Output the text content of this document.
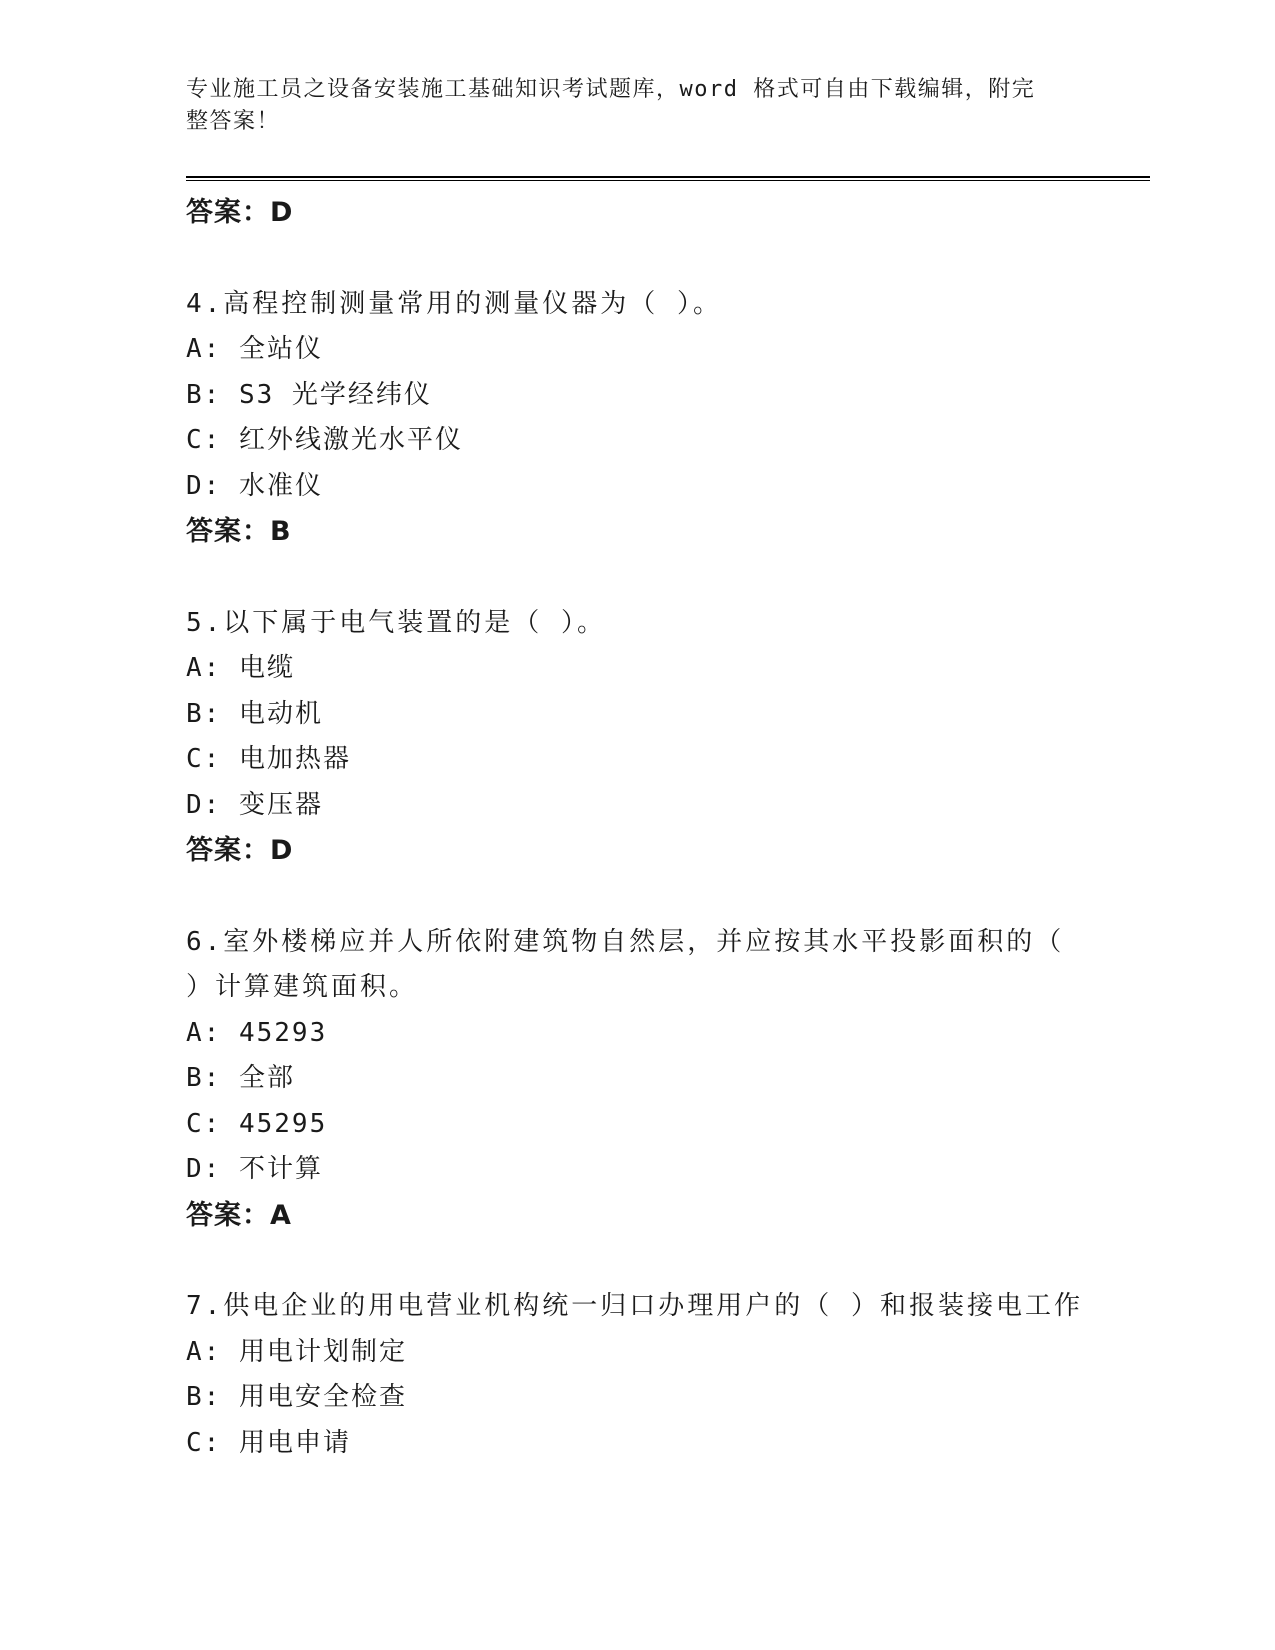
专业施工员之设备安装施工基础知识考试题库，word 格式可自由下载编辑，附完
整答案！
答案：D
4.高程控制测量常用的测量仪器为（ ）。
A: 全站仪
B: S3 光学经纬仪
C: 红外线激光水平仪
D: 水准仪
答案：B
5.以下属于电气装置的是（ ）。
A: 电缆
B: 电动机
C: 电加热器
D: 变压器
答案：D
6.室外楼梯应并人所依附建筑物自然层，并应按其水平投影面积的（
）计算建筑面积。
A: 45293
B: 全部
C: 45295
D: 不计算
答案：A
7.供电企业的用电营业机构统一归口办理用户的（ ）和报装接电工作
A: 用电计划制定
B: 用电安全检查
C: 用电申请
